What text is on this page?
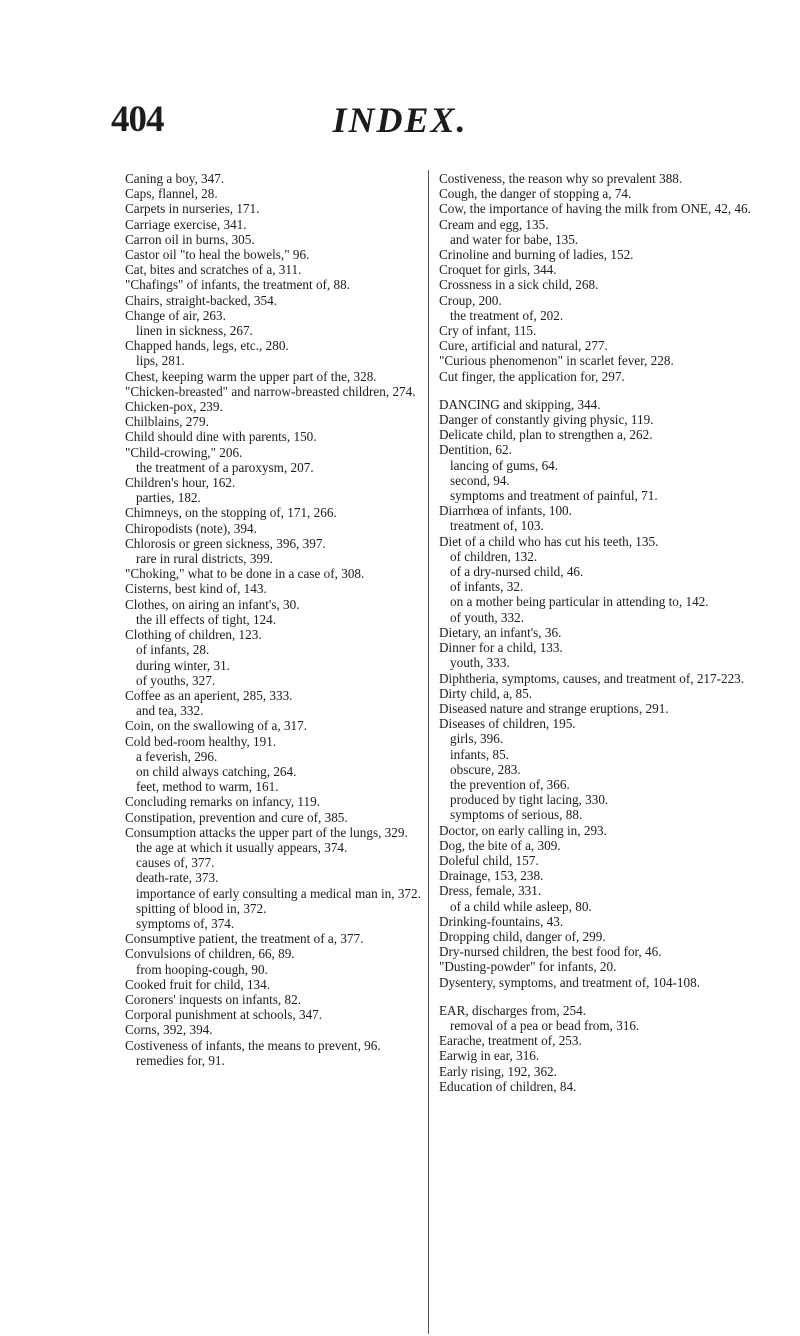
INDEX.
404
Caning a boy, 347.
Caps, flannel, 28.
Carpets in nurseries, 171.
Carriage exercise, 341.
Carron oil in burns, 305.
Castor oil "to heal the bowels," 96.
Cat, bites and scratches of a, 311.
"Chafings" of infants, the treatment of, 88.
Chairs, straight-backed, 354.
Change of air, 263.
linen in sickness, 267.
Chapped hands, legs, etc., 280.
lips, 281.
Chest, keeping warm the upper part of the, 328.
"Chicken-breasted" and narrow-breasted children, 274.
Chicken-pox, 239.
Chilblains, 279.
Child should dine with parents, 150.
"Child-crowing," 206.
the treatment of a paroxysm, 207.
Children's hour, 162.
parties, 182.
Chimneys, on the stopping of, 171, 266.
Chiropodists (note), 394.
Chlorosis or green sickness, 396, 397.
rare in rural districts, 399.
"Choking," what to be done in a case of, 308.
Cisterns, best kind of, 143.
Clothes, on airing an infant's, 30.
the ill effects of tight, 124.
Clothing of children, 123.
of infants, 28.
during winter, 31.
of youths, 327.
Coffee as an aperient, 285, 333.
and tea, 332.
Coin, on the swallowing of a, 317.
Cold bed-room healthy, 191.
a feverish, 296.
on child always catching, 264.
feet, method to warm, 161.
Concluding remarks on infancy, 119.
Constipation, prevention and cure of, 385.
Consumption attacks the upper part of the lungs, 329.
the age at which it usually appears, 374.
causes of, 377.
death-rate, 373.
importance of early consulting a medical man in, 372.
spitting of blood in, 372.
symptoms of, 374.
Consumptive patient, the treatment of a, 377.
Convulsions of children, 66, 89.
from hooping-cough, 90.
Cooked fruit for child, 134.
Coroners' inquests on infants, 82.
Corporal punishment at schools, 347.
Corns, 392, 394.
Costiveness of infants, the means to prevent, 96.
remedies for, 91.
Costiveness, the reason why so prevalent 388.
Cough, the danger of stopping a, 74.
Cow, the importance of having the milk from ONE, 42, 46.
Cream and egg, 135.
and water for babe, 135.
Crinoline and burning of ladies, 152.
Croquet for girls, 344.
Crossness in a sick child, 268.
Croup, 200.
the treatment of, 202.
Cry of infant, 115.
Cure, artificial and natural, 277.
"Curious phenomenon" in scarlet fever, 228.
Cut finger, the application for, 297.
DANCING and skipping, 344.
Danger of constantly giving physic, 119.
Delicate child, plan to strengthen a, 262.
Dentition, 62.
lancing of gums, 64.
second, 94.
symptoms and treatment of painful, 71.
Diarrhœa of infants, 100.
treatment of, 103.
Diet of a child who has cut his teeth, 135.
of children, 132.
of a dry-nursed child, 46.
of infants, 32.
on a mother being particular in attending to, 142.
of youth, 332.
Dietary, an infant's, 36.
Dinner for a child, 133.
youth, 333.
Diphtheria, symptoms, causes, and treatment of, 217-223.
Dirty child, a, 85.
Diseased nature and strange eruptions, 291.
Diseases of children, 195.
girls, 396.
infants, 85.
obscure, 283.
the prevention of, 366.
produced by tight lacing, 330.
symptoms of serious, 88.
Doctor, on early calling in, 293.
Dog, the bite of a, 309.
Doleful child, 157.
Drainage, 153, 238.
Dress, female, 331.
of a child while asleep, 80.
Drinking-fountains, 43.
Dropping child, danger of, 299.
Dry-nursed children, the best food for, 46.
"Dusting-powder" for infants, 20.
Dysentery, symptoms, and treatment of, 104-108.
EAR, discharges from, 254.
removal of a pea or bead from, 316.
Earache, treatment of, 253.
Earwig in ear, 316.
Early rising, 192, 362.
Education of children, 84.
